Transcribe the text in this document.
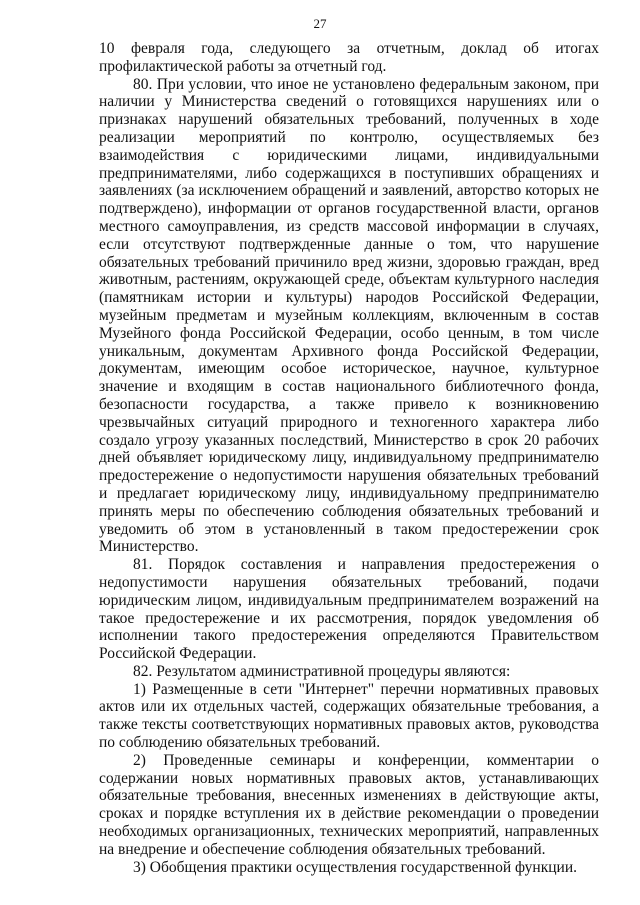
27

10 февраля года, следующего за отчетным, доклад об итогах профилактической работы за отчетный год.

80. При условии, что иное не установлено федеральным законом, при наличии у Министерства сведений о готовящихся нарушениях или о признаках нарушений обязательных требований, полученных в ходе реализации мероприятий по контролю, осуществляемых без взаимодействия с юридическими лицами, индивидуальными предпринимателями, либо содержащихся в поступивших обращениях и заявлениях (за исключением обращений и заявлений, авторство которых не подтверждено), информации от органов государственной власти, органов местного самоуправления, из средств массовой информации в случаях, если отсутствуют подтвержденные данные о том, что нарушение обязательных требований причинило вред жизни, здоровью граждан, вред животным, растениям, окружающей среде, объектам культурного наследия (памятникам истории и культуры) народов Российской Федерации, музейным предметам и музейным коллекциям, включенным в состав Музейного фонда Российской Федерации, особо ценным, в том числе уникальным, документам Архивного фонда Российской Федерации, документам, имеющим особое историческое, научное, культурное значение и входящим в состав национального библиотечного фонда, безопасности государства, а также привело к возникновению чрезвычайных ситуаций природного и техногенного характера либо создало угрозу указанных последствий, Министерство в срок 20 рабочих дней объявляет юридическому лицу, индивидуальному предпринимателю предостережение о недопустимости нарушения обязательных требований и предлагает юридическому лицу, индивидуальному предпринимателю принять меры по обеспечению соблюдения обязательных требований и уведомить об этом в установленный в таком предостережении срок Министерство.

81. Порядок составления и направления предостережения о недопустимости нарушения обязательных требований, подачи юридическим лицом, индивидуальным предпринимателем возражений на такое предостережение и их рассмотрения, порядок уведомления об исполнении такого предостережения определяются Правительством Российской Федерации.

82. Результатом административной процедуры являются:

1) Размещенные в сети "Интернет" перечни нормативных правовых актов или их отдельных частей, содержащих обязательные требования, а также тексты соответствующих нормативных правовых актов, руководства по соблюдению обязательных требований.

2) Проведенные семинары и конференции, комментарии о содержании новых нормативных правовых актов, устанавливающих обязательные требования, внесенных изменениях в действующие акты, сроках и порядке вступления их в действие рекомендации о проведении необходимых организационных, технических мероприятий, направленных на внедрение и обеспечение соблюдения обязательных требований.

3) Обобщения практики осуществления государственной функции.
